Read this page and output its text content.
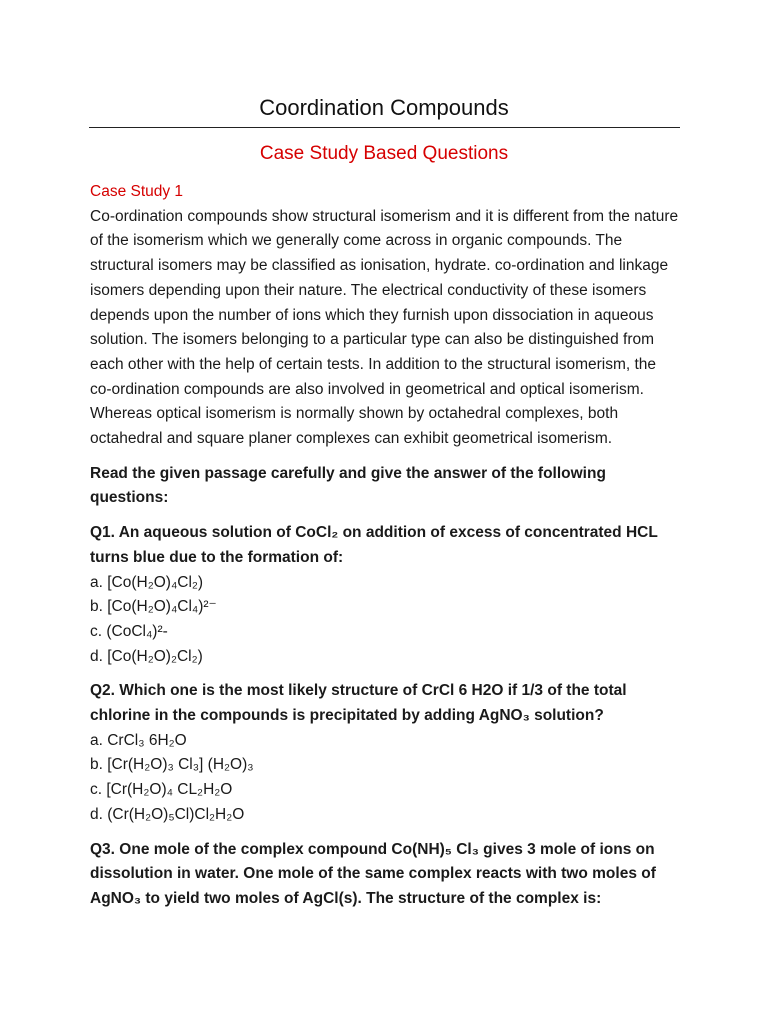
Coordination Compounds
Case Study Based Questions
Case Study 1

Co-ordination compounds show structural isomerism and it is different from the nature of the isomerism which we generally come across in organic compounds. The structural isomers may be classified as ionisation, hydrate. co-ordination and linkage isomers depending upon their nature. The electrical conductivity of these isomers depends upon the number of ions which they furnish upon dissociation in aqueous solution. The isomers belonging to a particular type can also be distinguished from each other with the help of certain tests. In addition to the structural isomerism, the co-ordination compounds are also involved in geometrical and optical isomerism. Whereas optical isomerism is normally shown by octahedral complexes, both octahedral and square planer complexes can exhibit geometrical isomerism.

Read the given passage carefully and give the answer of the following questions:
Q1. An aqueous solution of CoCl₂ on addition of excess of concentrated HCL turns blue due to the formation of:

a. [Co(H₂O)₄Cl₂)

b. [Co(H₂O)₄Cl₄)²⁻

c. (CoCl₄)²-

d. [Co(H₂O)₂Cl₂)

Q2. Which one is the most likely structure of CrCl 6 H2O if 1/3 of the total chlorine in the compounds is precipitated by adding AgNO₃ solution?

a. CrCl₃ 6H₂O

b. [Cr(H₂O)₃ Cl₃] (H₂O)₃

c. [Cr(H₂O)₄ CL₂H₂O

d. (Cr(H₂O)₅Cl)Cl₂H₂O

Q3. One mole of the complex compound Co(NH)₅ Cl₃ gives 3 mole of ions on dissolution in water. One mole of the same complex reacts with two moles of AgNO₃ to yield two moles of AgCl(s). The structure of the complex is:
